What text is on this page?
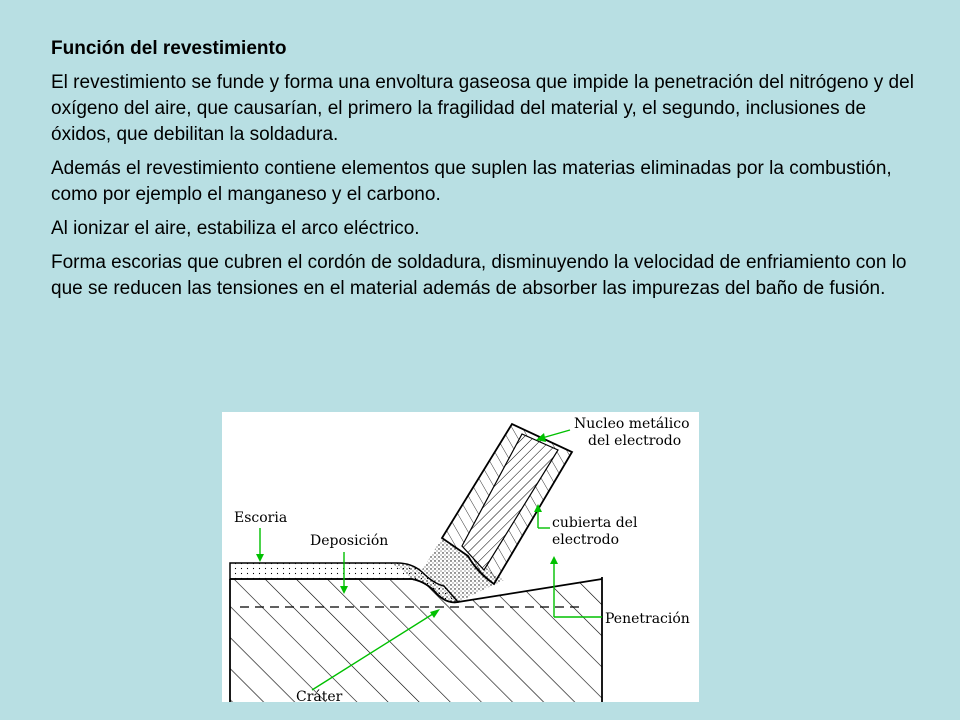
Función del revestimiento

El revestimiento se funde y forma una envoltura gaseosa que impide la penetración del nitrógeno y del oxígeno del aire, que causarían, el primero la fragilidad del material y, el segundo, inclusiones de óxidos, que debilitan la soldadura.

Además el revestimiento contiene elementos que suplen las materias eliminadas por la combustión, como por ejemplo el manganeso y el carbono.

Al ionizar el aire, estabiliza el arco eléctrico.

Forma escorias que cubren el cordón de soldadura, disminuyendo la velocidad de enfriamiento con lo que se reducen las tensiones en el material además de absorber las impurezas del baño de fusión.

Nucleo metálico
del electrodo
cubierta del
electrodo
Escoria
Deposición
Penetración
Cráter
